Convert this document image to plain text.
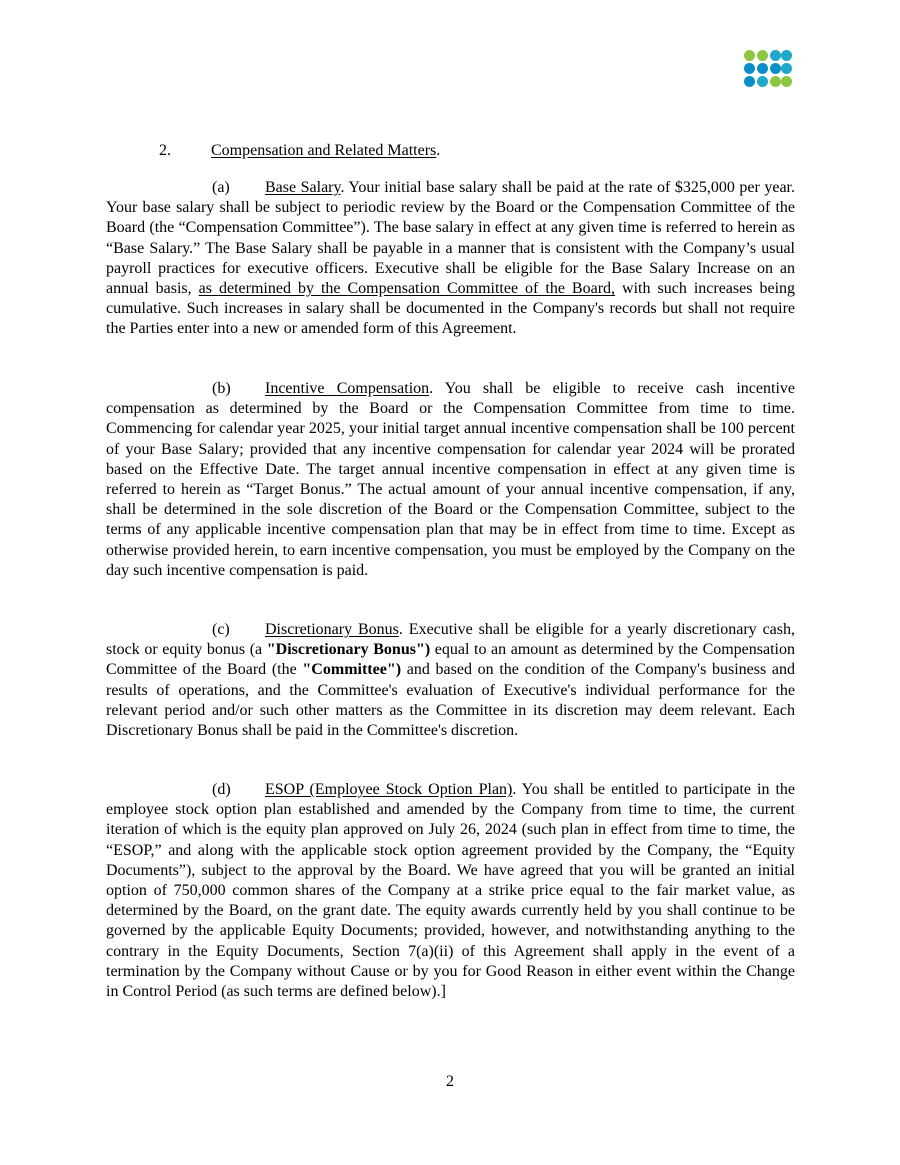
2.	Compensation and Related Matters.
(a) Base Salary. Your initial base salary shall be paid at the rate of $325,000 per year. Your base salary shall be subject to periodic review by the Board or the Compensation Committee of the Board (the “Compensation Committee”). The base salary in effect at any given time is referred to herein as “Base Salary.” The Base Salary shall be payable in a manner that is consistent with the Company’s usual payroll practices for executive officers. Executive shall be eligible for the Base Salary Increase on an annual basis, as determined by the Compensation Committee of the Board, with such increases being cumulative. Such increases in salary shall be documented in the Company's records but shall not require the Parties enter into a new or amended form of this Agreement.
(b) Incentive Compensation. You shall be eligible to receive cash incentive compensation as determined by the Board or the Compensation Committee from time to time. Commencing for calendar year 2025, your initial target annual incentive compensation shall be 100 percent of your Base Salary; provided that any incentive compensation for calendar year 2024 will be prorated based on the Effective Date. The target annual incentive compensation in effect at any given time is referred to herein as “Target Bonus.” The actual amount of your annual incentive compensation, if any, shall be determined in the sole discretion of the Board or the Compensation Committee, subject to the terms of any applicable incentive compensation plan that may be in effect from time to time. Except as otherwise provided herein, to earn incentive compensation, you must be employed by the Company on the day such incentive compensation is paid.
(c) Discretionary Bonus. Executive shall be eligible for a yearly discretionary cash, stock or equity bonus (a "Discretionary Bonus") equal to an amount as determined by the Compensation Committee of the Board (the "Committee") and based on the condition of the Company's business and results of operations, and the Committee's evaluation of Executive's individual performance for the relevant period and/or such other matters as the Committee in its discretion may deem relevant. Each Discretionary Bonus shall be paid in the Committee's discretion.
(d) ESOP (Employee Stock Option Plan). You shall be entitled to participate in the employee stock option plan established and amended by the Company from time to time, the current iteration of which is the equity plan approved on July 26, 2024 (such plan in effect from time to time, the “ESOP,” and along with the applicable stock option agreement provided by the Company, the “Equity Documents”), subject to the approval by the Board. We have agreed that you will be granted an initial option of 750,000 common shares of the Company at a strike price equal to the fair market value, as determined by the Board, on the grant date. The equity awards currently held by you shall continue to be governed by the applicable Equity Documents; provided, however, and notwithstanding anything to the contrary in the Equity Documents, Section 7(a)(ii) of this Agreement shall apply in the event of a termination by the Company without Cause or by you for Good Reason in either event within the Change in Control Period (as such terms are defined below).]
2
